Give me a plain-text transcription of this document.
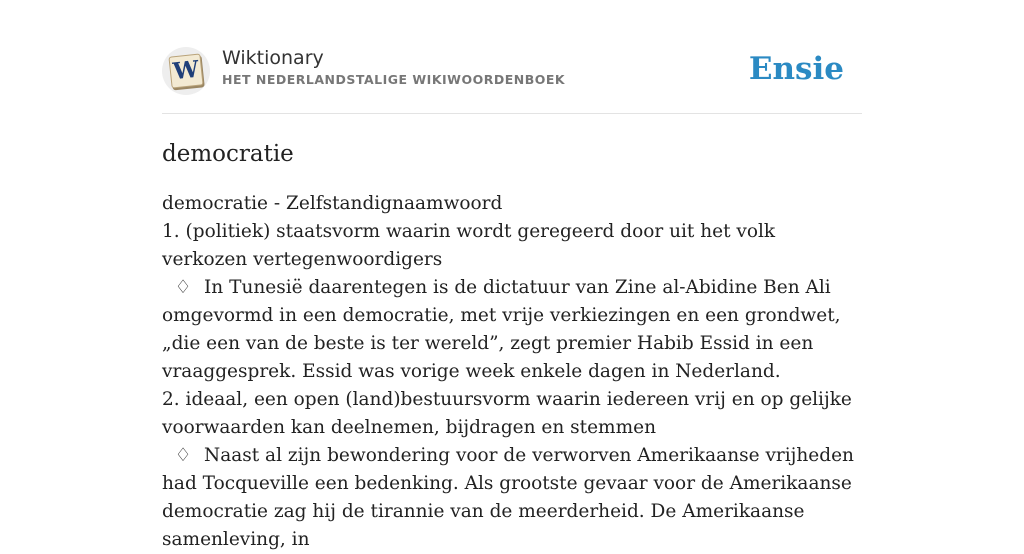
W Wiktionary
HET NEDERLANDSTALIGE WIKIWOORDENBOEK	Ensie
democratie
democratie - Zelfstandignaamwoord
1. (politiek) staatsvorm waarin wordt geregeerd door uit het volk verkozen vertegenwoordigers
♢ In Tunesië daarentegen is de dictatuur van Zine al-Abidine Ben Ali omgevormd in een democratie, met vrije verkiezingen en een grondwet, „die een van de beste is ter wereld”, zegt premier Habib Essid in een vraaggesprek. Essid was vorige week enkele dagen in Nederland.
2. ideaal, een open (land)bestuursvorm waarin iedereen vrij en op gelijke voorwaarden kan deelnemen, bijdragen en stemmen
♢ Naast al zijn bewondering voor de verworven Amerikaanse vrijheden had Tocqueville een bedenking. Als grootste gevaar voor de Amerikaanse democratie zag hij de tirannie van de meerderheid. De Amerikaanse samenleving, in
